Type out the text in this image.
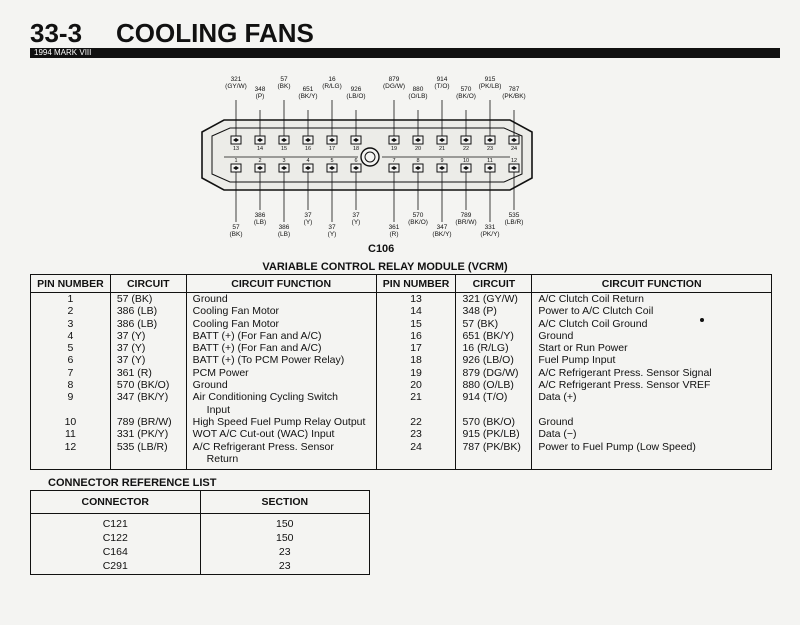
33-3 COOLING FANS
1994 MARK VIII
321
(GY/W)	348
(P)
57
(BK)	651
(BK/Y)
16
(R/LG)	926
(LB/O)
879
(DG/W)	880
(O/LB)
914
(T/O)	570
(BK/O)
915
(PK/LB)	787
(PK/BK)
57
(BK)
386
(LB)
386
(LB)
37
(Y)
37
(Y)
37
(Y)
361
(R)
570
(BK/O)
347
(BK/Y)
789
(BR/W)
331
(PK/Y)
535
(LB/R)
13
1
14
2
15
3
16
4
17
5
18
6
19
7
20
8
21
9
22
10
23
11
24
12
C106
VARIABLE CONTROL RELAY MODULE (VCRM)
PIN NUMBER	CIRCUIT	CIRCUIT FUNCTION	PIN NUMBER	CIRCUIT	CIRCUIT FUNCTION
1	57 (BK)	Ground	13	321 (GY/W)	A/C Clutch Coil Return
2	386 (LB)	Cooling Fan Motor	14	348 (P)	Power to A/C Clutch Coil
3	386 (LB)	Cooling Fan Motor	15	57 (BK)	A/C Clutch Coil Ground
4	37 (Y)	BATT (+) (For Fan and A/C)	16	651 (BK/Y)	Ground
5	37 (Y)	BATT (+) (For Fan and A/C)	17	16 (R/LG)	Start or Run Power
6	37 (Y)	BATT (+) (To PCM Power Relay)	18	926 (LB/O)	Fuel Pump Input
7	361 (R)	PCM Power	19	879 (DG/W)	A/C Refrigerant Press. Sensor Signal
8	570 (BK/O)	Ground	20	880 (O/LB)	A/C Refrigerant Press. Sensor VREF
9	347 (BK/Y)	Air Conditioning Cycling Switch
Input	21	914 (T/O)	Data (+)
10	789 (BR/W)	High Speed Fuel Pump Relay Output	22	570 (BK/O)	Ground
11	331 (PK/Y)	WOT A/C Cut-out (WAC) Input	23	915 (PK/LB)	Data (−)
12	535 (LB/R)	A/C Refrigerant Press. Sensor
Return	24	787 (PK/BK)	Power to Fuel Pump (Low Speed)
CONNECTOR REFERENCE LIST
CONNECTOR	SECTION
C121	150
C122	150
C164	23
C291	23
